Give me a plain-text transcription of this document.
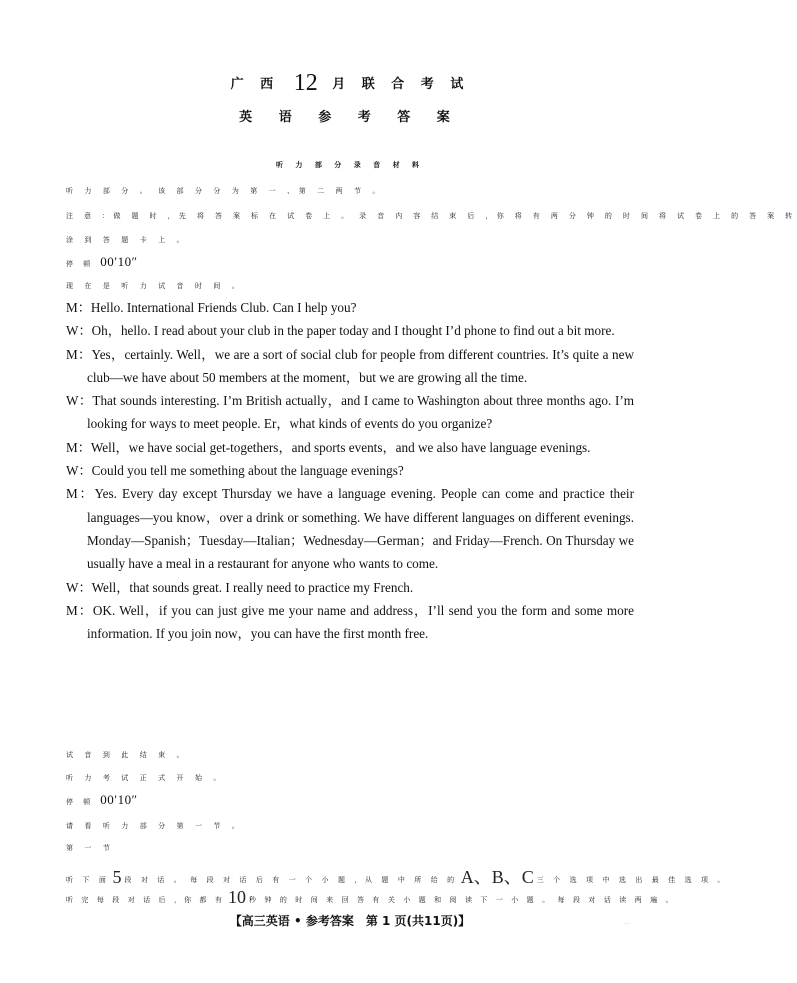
广 西 12 月 联 合 考 试
英 语 参 考 答 案
听 力 部 分 录 音 材 料
听 力 部 分 。 该 部 分 分 为 第 一 、第 二 两 节 。
注 意 ：做 题 时 ，先 将 答 案 标 在 试 卷 上 。 录 音 内 容 结 束 后 ，你 将 有 两 分 钟 的 时 间 将 试 卷 上 的 答 案 转
涂 到 答 题 卡 上 。
停 顿 00′10″
现 在 是 听 力 试 音 时 间 。

M：Hello. International Friends Club. Can I help you?

W：Oh，hello. I read about your club in the paper today and I thought I’d phone to find out a bit more.

M：Yes，certainly. Well，we are a sort of social club for people from different countries. It’s quite a new club—we have about 50 members at the moment，but we are growing all the time.

W：That sounds interesting. I’m British actually，and I came to Washington about three months ago. I’m looking for ways to meet people. Er，what kinds of events do you organize?

M：Well，we have social get-togethers，and sports events，and we also have language evenings.

W：Could you tell me something about the language evenings?

M：Yes. Every day except Thursday we have a language evening. People can come and practice their languages—you know，over a drink or something. We have different languages on different evenings. Monday—Spanish；Tuesday—Italian；Wednesday—German；and Friday—French. On Thursday we usually have a meal in a restaurant for anyone who wants to come.

W：Well，that sounds great. I really need to practice my French.

M：OK. Well，if you can just give me your name and address，I’ll send you the form and some more information. If you join now，you can have the first month free.

试 音 到 此 结 束 。
听 力 考 试 正 式 开 始 。
停 顿 00′10″
请 看 听 力 部 分 第 一 节 。
第 一 节
听 下 面 5 段 对 话 。 每 段 对 话 后 有 一 个 小 题 ，从 题 中 所 给 的 A、B、C 三 个 选 项 中 选 出 最 佳 选 项 。
听 完 每 段 对 话 后 ，你 都 有 10 秒 钟 的 时 间 来 回 答 有 关 小 题 和 阅 读 下 一 小 题 。 每 段 对 话 读 两 遍 。
【高三英语 • 参考答案　第 1 页(共11页)】	...
